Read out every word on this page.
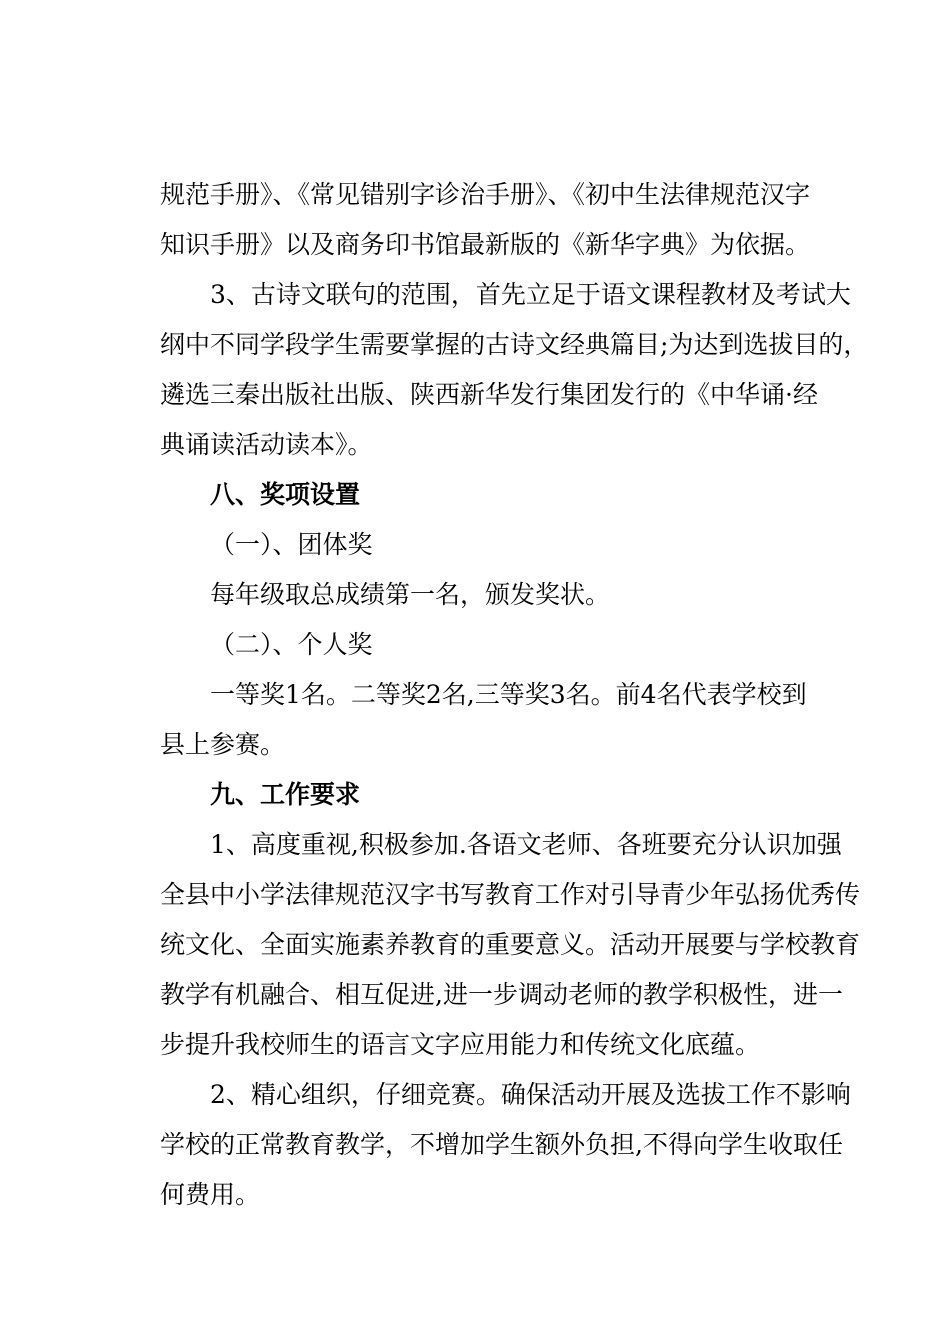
规范手册》、《常见错别字诊治手册》、《初中生法律规范汉字

知识手册》以及商务印书馆最新版的《新华字典》为依据。

3、古诗文联句的范围，首先立足于语文课程教材及考试大

纲中不同学段学生需要掌握的古诗文经典篇目;为达到选拔目的，

遴选三秦出版社出版、陕西新华发行集团发行的《中华诵·经

典诵读活动读本》。

八、奖项设置

（一）、团体奖

每年级取总成绩第一名，颁发奖状。

（二）、个人奖

一等奖1名。二等奖2名,三等奖3名。前4名代表学校到

县上参赛。

九、工作要求

1、高度重视,积极参加.各语文老师、各班要充分认识加强

全县中小学法律规范汉字书写教育工作对引导青少年弘扬优秀传

统文化、全面实施素养教育的重要意义。活动开展要与学校教育

教学有机融合、相互促进,进一步调动老师的教学积极性，进一

步提升我校师生的语言文字应用能力和传统文化底蕴。

2、精心组织，仔细竞赛。确保活动开展及选拔工作不影响

学校的正常教育教学，不增加学生额外负担,不得向学生收取任

何费用。
